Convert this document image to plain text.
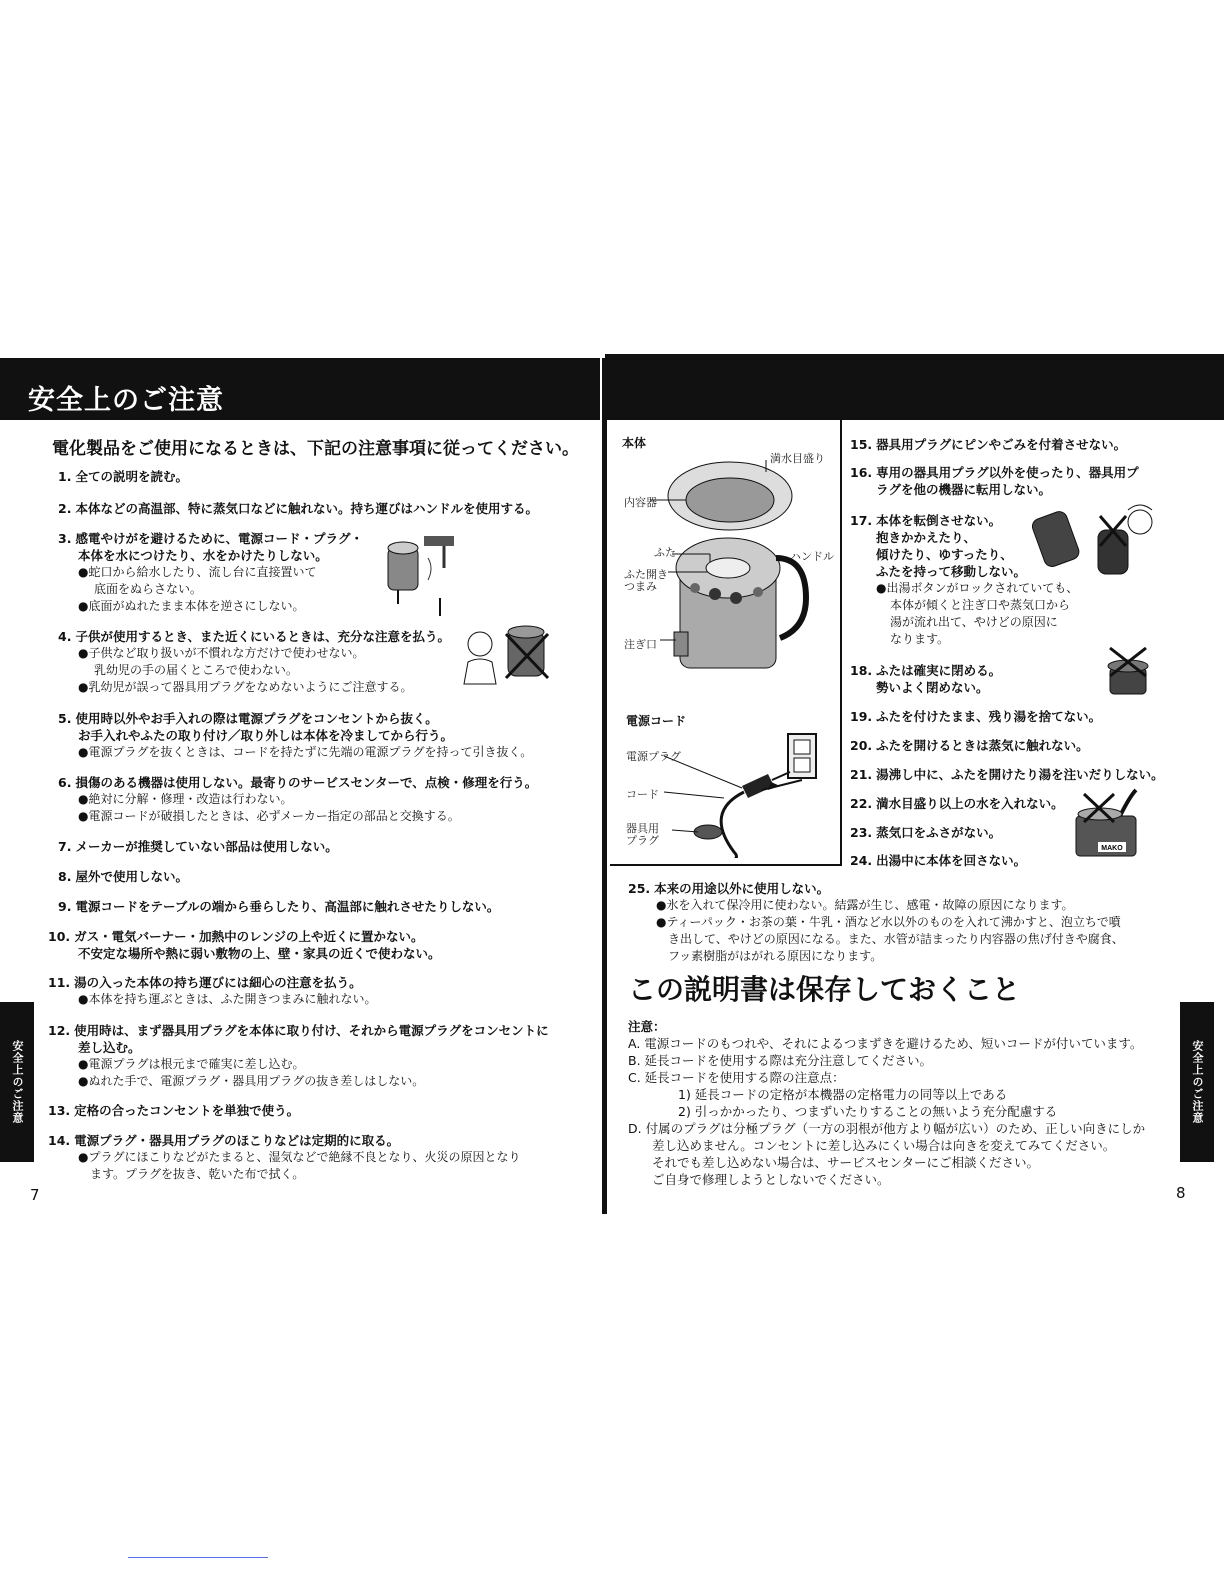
安全上のご注意
電化製品をご使用になるときは、下記の注意事項に従ってください。
1. 全ての説明を読む。
2. 本体などの高温部、特に蒸気口などに触れない。持ち運びはハンドルを使用する。
3. 感電やけがを避けるために、電源コード・プラグ・
本体を水につけたり、水をかけたりしない。
●蛇口から給水したり、流し台に直接置いて
底面をぬらさない。
●底面がぬれたまま本体を逆さにしない。
4. 子供が使用するとき、また近くにいるときは、充分な注意を払う。
●子供など取り扱いが不慣れな方だけで使わせない。
乳幼児の手の届くところで使わない。
●乳幼児が誤って器具用プラグをなめないようにご注意する。
5. 使用時以外やお手入れの際は電源プラグをコンセントから抜く。
お手入れやふたの取り付け／取り外しは本体を冷ましてから行う。
●電源プラグを抜くときは、コードを持たずに先端の電源プラグを持って引き抜く。
6. 損傷のある機器は使用しない。最寄りのサービスセンターで、点検・修理を行う。
●絶対に分解・修理・改造は行わない。
●電源コードが破損したときは、必ずメーカー指定の部品と交換する。
7. メーカーが推奨していない部品は使用しない。
8. 屋外で使用しない。
9. 電源コードをテーブルの端から垂らしたり、高温部に触れさせたりしない。
10. ガス・電気バーナー・加熱中のレンジの上や近くに置かない。
不安定な場所や熱に弱い敷物の上、壁・家具の近くで使わない。
11. 湯の入った本体の持ち運びには細心の注意を払う。
●本体を持ち運ぶときは、ふた開きつまみに触れない。
12. 使用時は、まず器具用プラグを本体に取り付け、それから電源プラグをコンセントに
差し込む。
●電源プラグは根元まで確実に差し込む。
●ぬれた手で、電源プラグ・器具用プラグの抜き差しはしない。
13. 定格の合ったコンセントを単独で使う。
14. 電源プラグ・器具用プラグのほこりなどは定期的に取る。
●プラグにほこりなどがたまると、湿気などで絶縁不良となり、火災の原因となり
ます。プラグを抜き、乾いた布で拭く。
安全上のご注意
7
本体
満水目盛り
内容器
ふた	ハンドル
ふた開き
つまみ
注ぎ口
電源コード
電源プラグ
コード
器具用
プラグ
15. 器具用プラグにピンやごみを付着させない。
16. 専用の器具用プラグ以外を使ったり、器具用プ
ラグを他の機器に転用しない。
17. 本体を転倒させない。
抱きかかえたり、
傾けたり、ゆすったり、
ふたを持って移動しない。
●出湯ボタンがロックされていても、
本体が傾くと注ぎ口や蒸気口から
湯が流れ出て、やけどの原因に
なります。
18. ふたは確実に閉める。
勢いよく閉めない。
19. ふたを付けたまま、残り湯を捨てない。
20. ふたを開けるときは蒸気に触れない。
21. 湯沸し中に、ふたを開けたり湯を注いだりしない。
22. 満水目盛り以上の水を入れない。
23. 蒸気口をふさがない。
24. 出湯中に本体を回さない。
MAKO
25. 本来の用途以外に使用しない。
●氷を入れて保冷用に使わない。結露が生じ、感電・故障の原因になります。
●ティーパック・お茶の葉・牛乳・酒など水以外のものを入れて沸かすと、泡立ちで噴
き出して、やけどの原因になる。また、水管が詰まったり内容器の焦げ付きや腐食、
フッ素樹脂がはがれる原因になります。
この説明書は保存しておくこと
注意：
A. 電源コードのもつれや、それによるつまずきを避けるため、短いコードが付いています。
B. 延長コードを使用する際は充分注意してください。
C. 延長コードを使用する際の注意点：
1) 延長コードの定格が本機器の定格電力の同等以上である
2) 引っかかったり、つまずいたりすることの無いよう充分配慮する
D. 付属のプラグは分極プラグ（一方の羽根が他方より幅が広い）のため、正しい向きにしか
差し込めません。コンセントに差し込みにくい場合は向きを変えてみてください。
それでも差し込めない場合は、サービスセンターにご相談ください。
ご自身で修理しようとしないでください。
安全上のご注意
8
